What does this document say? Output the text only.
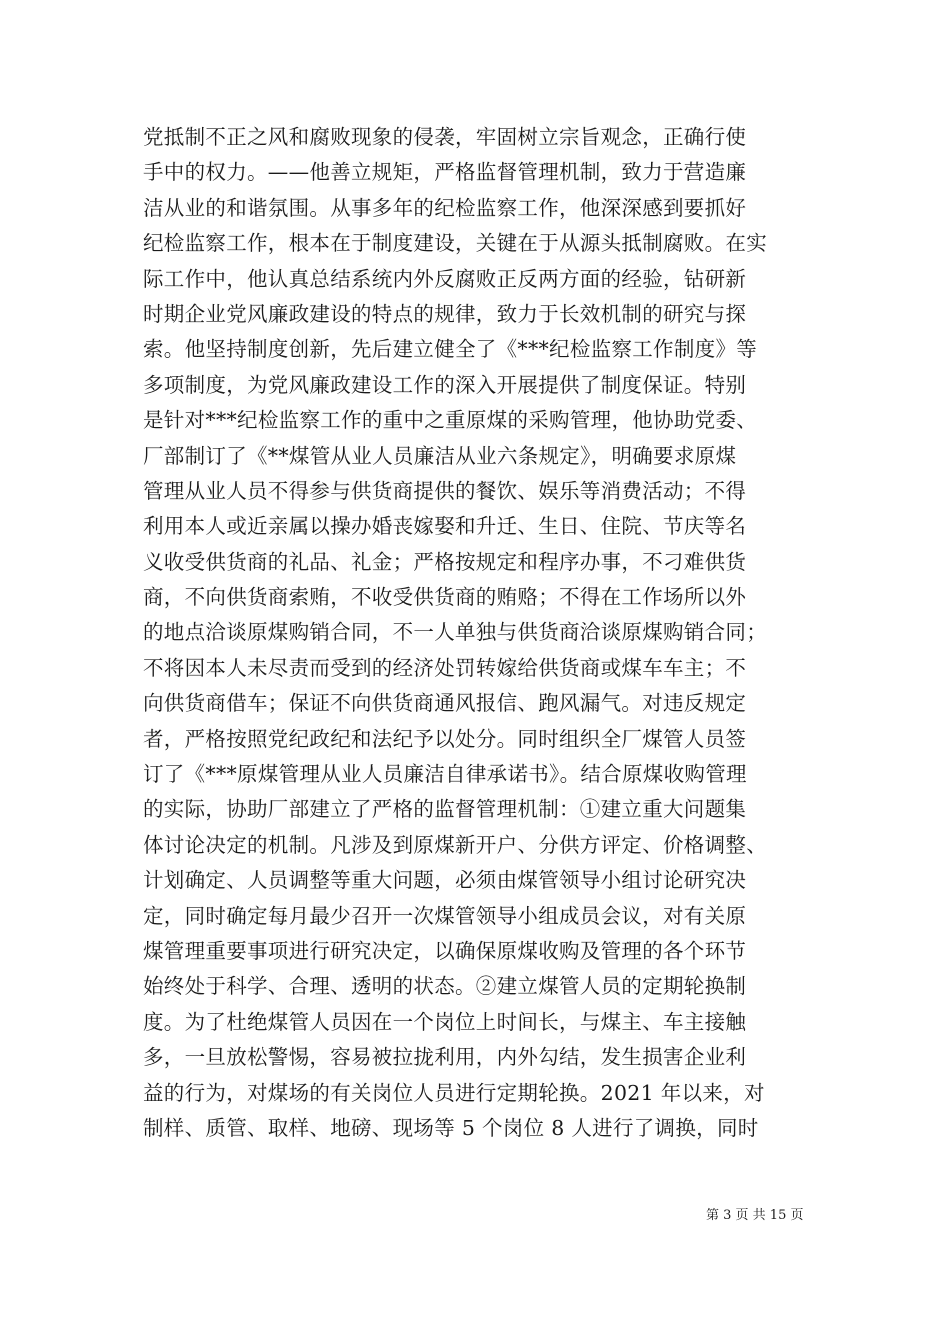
党抵制不正之风和腐败现象的侵袭，牢固树立宗旨观念，正确行使
手中的权力。——他善立规矩，严格监督管理机制，致力于营造廉
洁从业的和谐氛围。从事多年的纪检监察工作，他深深感到要抓好
纪检监察工作，根本在于制度建设，关键在于从源头抵制腐败。在实
际工作中，他认真总结系统内外反腐败正反两方面的经验，钻研新
时期企业党风廉政建设的特点的规律，致力于长效机制的研究与探
索。他坚持制度创新，先后建立健全了《***纪检监察工作制度》等
多项制度，为党风廉政建设工作的深入开展提供了制度保证。特别
是针对***纪检监察工作的重中之重原煤的采购管理，他协助党委、
厂部制订了《**煤管从业人员廉洁从业六条规定》，明确要求原煤
管理从业人员不得参与供货商提供的餐饮、娱乐等消费活动；不得
利用本人或近亲属以操办婚丧嫁娶和升迁、生日、住院、节庆等名
义收受供货商的礼品、礼金；严格按规定和程序办事，不刁难供货
商，不向供货商索贿，不收受供货商的贿赂；不得在工作场所以外
的地点洽谈原煤购销合同，不一人单独与供货商洽谈原煤购销合同；
不将因本人未尽责而受到的经济处罚转嫁给供货商或煤车车主；不
向供货商借车；保证不向供货商通风报信、跑风漏气。对违反规定
者，严格按照党纪政纪和法纪予以处分。同时组织全厂煤管人员签
订了《***原煤管理从业人员廉洁自律承诺书》。结合原煤收购管理
的实际，协助厂部建立了严格的监督管理机制：①建立重大问题集
体讨论决定的机制。凡涉及到原煤新开户、分供方评定、价格调整、
计划确定、人员调整等重大问题，必须由煤管领导小组讨论研究决
定，同时确定每月最少召开一次煤管领导小组成员会议，对有关原
煤管理重要事项进行研究决定，以确保原煤收购及管理的各个环节
始终处于科学、合理、透明的状态。②建立煤管人员的定期轮换制
度。为了杜绝煤管人员因在一个岗位上时间长，与煤主、车主接触
多，一旦放松警惕，容易被拉拢利用，内外勾结，发生损害企业利
益的行为，对煤场的有关岗位人员进行定期轮换。2021 年以来，对
制样、质管、取样、地磅、现场等 5 个岗位 8 人进行了调换，同时
第 3 页 共 15 页
